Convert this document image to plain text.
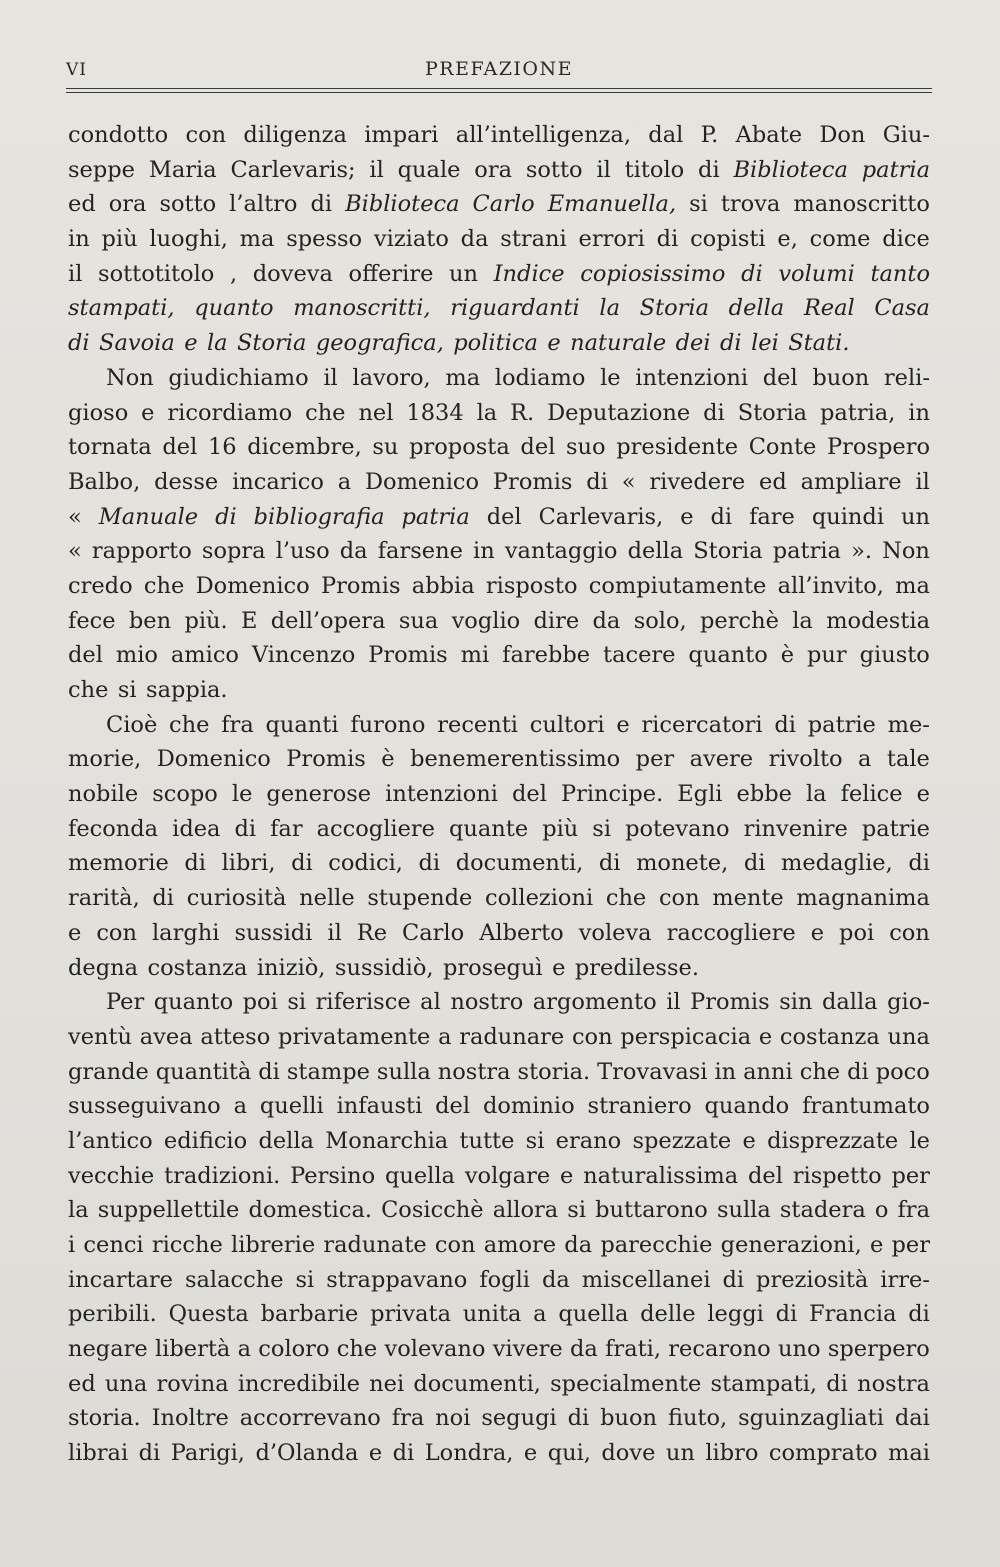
VI	PREFAZIONE
condotto con diligenza impari all’intelligenza, dal P. Abate Don Giu-
seppe Maria Carlevaris; il quale ora sotto il titolo di Biblioteca patria
ed ora sotto l’altro di Biblioteca Carlo Emanuella, si trova manoscritto
in più luoghi, ma spesso viziato da strani errori di copisti e, come dice
il sottotitolo , doveva offerire un Indice copiosissimo di volumi tanto
stampati, quanto manoscritti, riguardanti la Storia della Real Casa
di Savoia e la Storia geografica, politica e naturale dei di lei Stati.
Non giudichiamo il lavoro, ma lodiamo le intenzioni del buon reli-
gioso e ricordiamo che nel 1834 la R. Deputazione di Storia patria, in
tornata del 16 dicembre, su proposta del suo presidente Conte Prospero
Balbo, desse incarico a Domenico Promis di « rivedere ed ampliare il
« Manuale di bibliografia patria del Carlevaris, e di fare quindi un
« rapporto sopra l’uso da farsene in vantaggio della Storia patria ». Non
credo che Domenico Promis abbia risposto compiutamente all’invito, ma
fece ben più. E dell’opera sua voglio dire da solo, perchè la modestia
del mio amico Vincenzo Promis mi farebbe tacere quanto è pur giusto
che si sappia.
Cioè che fra quanti furono recenti cultori e ricercatori di patrie me-
morie, Domenico Promis è benemerentissimo per avere rivolto a tale
nobile scopo le generose intenzioni del Principe. Egli ebbe la felice e
feconda idea di far accogliere quante più si potevano rinvenire patrie
memorie di libri, di codici, di documenti, di monete, di medaglie, di
rarità, di curiosità nelle stupende collezioni che con mente magnanima
e con larghi sussidi il Re Carlo Alberto voleva raccogliere e poi con
degna costanza iniziò, sussidiò, proseguì e predilesse.
Per quanto poi si riferisce al nostro argomento il Promis sin dalla gio-
ventù avea atteso privatamente a radunare con perspicacia e costanza una
grande quantità di stampe sulla nostra storia. Trovavasi in anni che di poco
susseguivano a quelli infausti del dominio straniero quando frantumato
l’antico edificio della Monarchia tutte si erano spezzate e disprezzate le
vecchie tradizioni. Persino quella volgare e naturalissima del rispetto per
la suppellettile domestica. Cosicchè allora si buttarono sulla stadera o fra
i cenci ricche librerie radunate con amore da parecchie generazioni, e per
incartare salacche si strappavano fogli da miscellanei di preziosità irre-
peribili. Questa barbarie privata unita a quella delle leggi di Francia di
negare libertà a coloro che volevano vivere da frati, recarono uno sperpero
ed una rovina incredibile nei documenti, specialmente stampati, di nostra
storia. Inoltre accorrevano fra noi segugi di buon fiuto, sguinzagliati dai
librai di Parigi, d’Olanda e di Londra, e qui, dove un libro comprato mai
